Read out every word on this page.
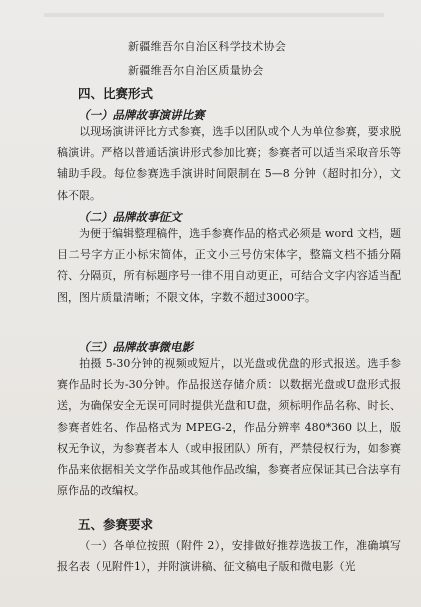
新疆维吾尔自治区科学技术协会
新疆维吾尔自治区质量协会
四、比赛形式
（一）品牌故事演讲比赛
以现场演讲评比方式参赛，选手以团队或个人为单位参赛，要求脱稿演讲。严格以普通话演讲形式参加比赛；参赛者可以适当采取音乐等辅助手段。每位参赛选手演讲时间限制在 5—8 分钟（超时扣分），文体不限。
（二）品牌故事征文
为便于编辑整理稿件，选手参赛作品的格式必须是 word 文档，题目二号字方正小标宋简体，正文小三号仿宋体字，整篇文档不插分隔符、分隔页，所有标题序号一律不用自动更正，可结合文字内容适当配图，图片质量清晰；不限文体，字数不超过3000字。
（三）品牌故事微电影
拍摄 5-30分钟的视频或短片，以光盘或优盘的形式报送。选手参赛作品时长为-30分钟。作品报送存储介质：以数据光盘或U盘形式报送，为确保安全无误可同时提供光盘和U盘，须标明作品名称、时长、参赛者姓名、作品格式为 MPEG-2，作品分辨率 480*360 以上，版权无争议，为参赛者本人（或申报团队）所有，严禁侵权行为，如参赛作品来依据相关文学作品或其他作品改编，参赛者应保证其已合法享有原作品的改编权。
五、参赛要求
（一）各单位按照（附件 2），安排做好推荐选拔工作，准确填写报名表（见附件1），并附演讲稿、征文稿电子版和微电影（光
